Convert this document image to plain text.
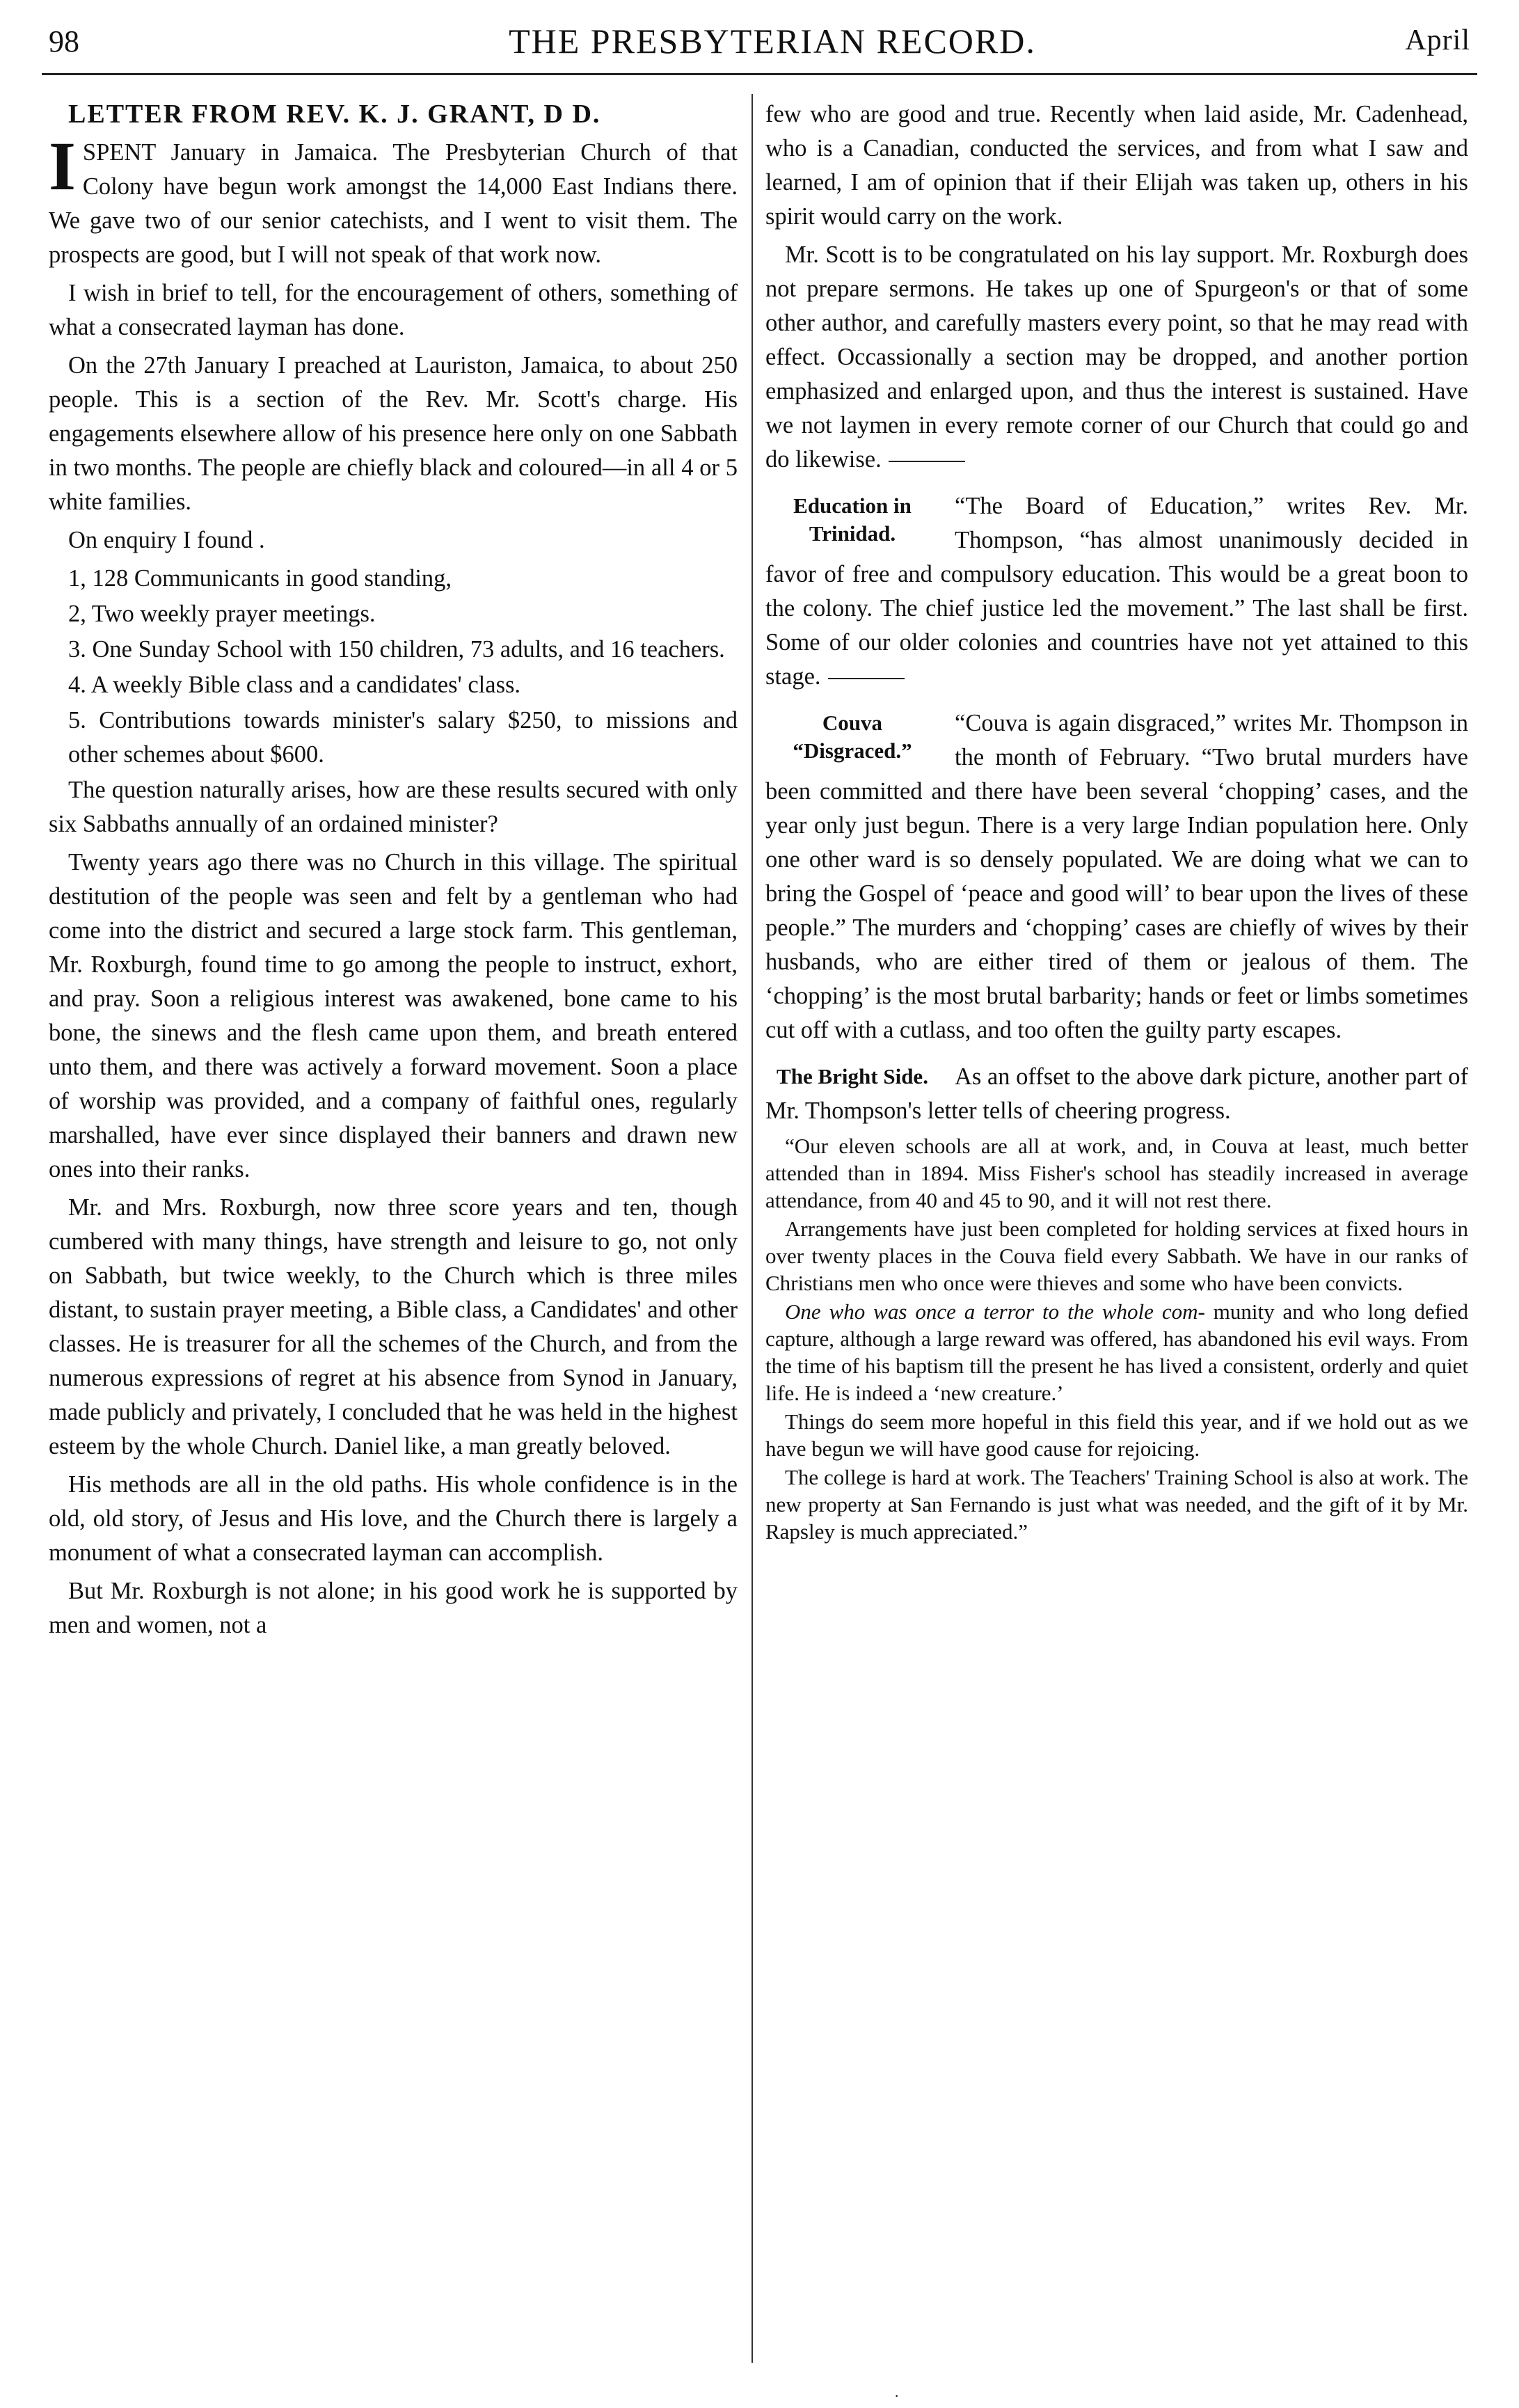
98	THE PRESBYTERIAN RECORD.	April

LETTER FROM REV. K. J. GRANT, D D.

ISPENT January in Jamaica. The Presbyterian Church of that Colony have begun work amongst the 14,000 East Indians there. We gave two of our senior catechists, and I went to visit them. The prospects are good, but I will not speak of that work now.

I wish in brief to tell, for the encouragement of others, something of what a consecrated layman has done.

On the 27th January I preached at Lauriston, Jamaica, to about 250 people. This is a section of the Rev. Mr. Scott's charge. His engagements elsewhere allow of his presence here only on one Sabbath in two months. The people are chiefly black and coloured—in all 4 or 5 white families.

On enquiry I found .

1, 128 Communicants in good standing,

2, Two weekly prayer meetings.

3. One Sunday School with 150 children, 73 adults, and 16 teachers.

4. A weekly Bible class and a candidates' class.

5. Contributions towards minister's salary $250, to missions and other schemes about $600.

The question naturally arises, how are these results secured with only six Sabbaths annually of an ordained minister?

Twenty years ago there was no Church in this village. The spiritual destitution of the people was seen and felt by a gentleman who had come into the district and secured a large stock farm. This gentleman, Mr. Roxburgh, found time to go among the people to instruct, exhort, and pray. Soon a religious interest was awakened, bone came to his bone, the sinews and the flesh came upon them, and breath entered unto them, and there was actively a forward movement. Soon a place of worship was provided, and a company of faithful ones, regularly marshalled, have ever since displayed their banners and drawn new ones into their ranks.

Mr. and Mrs. Roxburgh, now three score years and ten, though cumbered with many things, have strength and leisure to go, not only on Sabbath, but twice weekly, to the Church which is three miles distant, to sustain prayer meeting, a Bible class, a Candidates' and other classes. He is treasurer for all the schemes of the Church, and from the numerous expressions of regret at his absence from Synod in January, made publicly and privately, I concluded that he was held in the highest esteem by the whole Church. Daniel like, a man greatly beloved.

His methods are all in the old paths. His whole confidence is in the old, old story, of Jesus and His love, and the Church there is largely a monument of what a consecrated layman can accomplish.

But Mr. Roxburgh is not alone; in his good work he is supported by men and women, not a

few who are good and true. Recently when laid aside, Mr. Cadenhead, who is a Canadian, conducted the services, and from what I saw and learned, I am of opinion that if their Elijah was taken up, others in his spirit would carry on the work.

Mr. Scott is to be congratulated on his lay support. Mr. Roxburgh does not prepare sermons. He takes up one of Spurgeon's or that of some other author, and carefully masters every point, so that he may read with effect. Occassionally a section may be dropped, and another portion emphasized and enlarged upon, and thus the interest is sustained. Have we not laymen in every remote corner of our Church that could go and do likewise.

Education in Trinidad.

“The Board of Education,” writes Rev. Mr. Thompson, “has almost unanimously decided in favor of free and compulsory education. This would be a great boon to the colony. The chief justice led the movement.” The last shall be first. Some of our older colonies and countries have not yet attained to this stage.

Couva “Disgraced.”

“Couva is again disgraced,” writes Mr. Thompson in the month of February. “Two brutal murders have been committed and there have been several ‘chopping’ cases, and the year only just begun. There is a very large Indian population here. Only one other ward is so densely populated. We are doing what we can to bring the Gospel of ‘peace and good will’ to bear upon the lives of these people.” The murders and ‘chopping’ cases are chiefly of wives by their husbands, who are either tired of them or jealous of them. The ‘chopping’ is the most brutal barbarity; hands or feet or limbs sometimes cut off with a cutlass, and too often the guilty party escapes.

The Bright Side.	As an offset to the above dark picture, another part of Mr. Thompson's letter tells of cheering progress.

“Our eleven schools are all at work, and, in Couva at least, much better attended than in 1894. Miss Fisher's school has steadily increased in average attendance, from 40 and 45 to 90, and it will not rest there.

Arrangements have just been completed for holding services at fixed hours in over twenty places in the Couva field every Sabbath. We have in our ranks of Christians men who once were thieves and some who have been convicts.

One who was once a terror to the whole com- munity and who long defied capture, although a large reward was offered, has abandoned his evil ways. From the time of his baptism till the present he has lived a consistent, orderly and quiet life. He is indeed a ‘new creature.’

Things do seem more hopeful in this field this year, and if we hold out as we have begun we will have good cause for rejoicing.

The college is hard at work. The Teachers' Training School is also at work. The new property at San Fernando is just what was needed, and the gift of it by Mr. Rapsley is much appreciated.”

·
